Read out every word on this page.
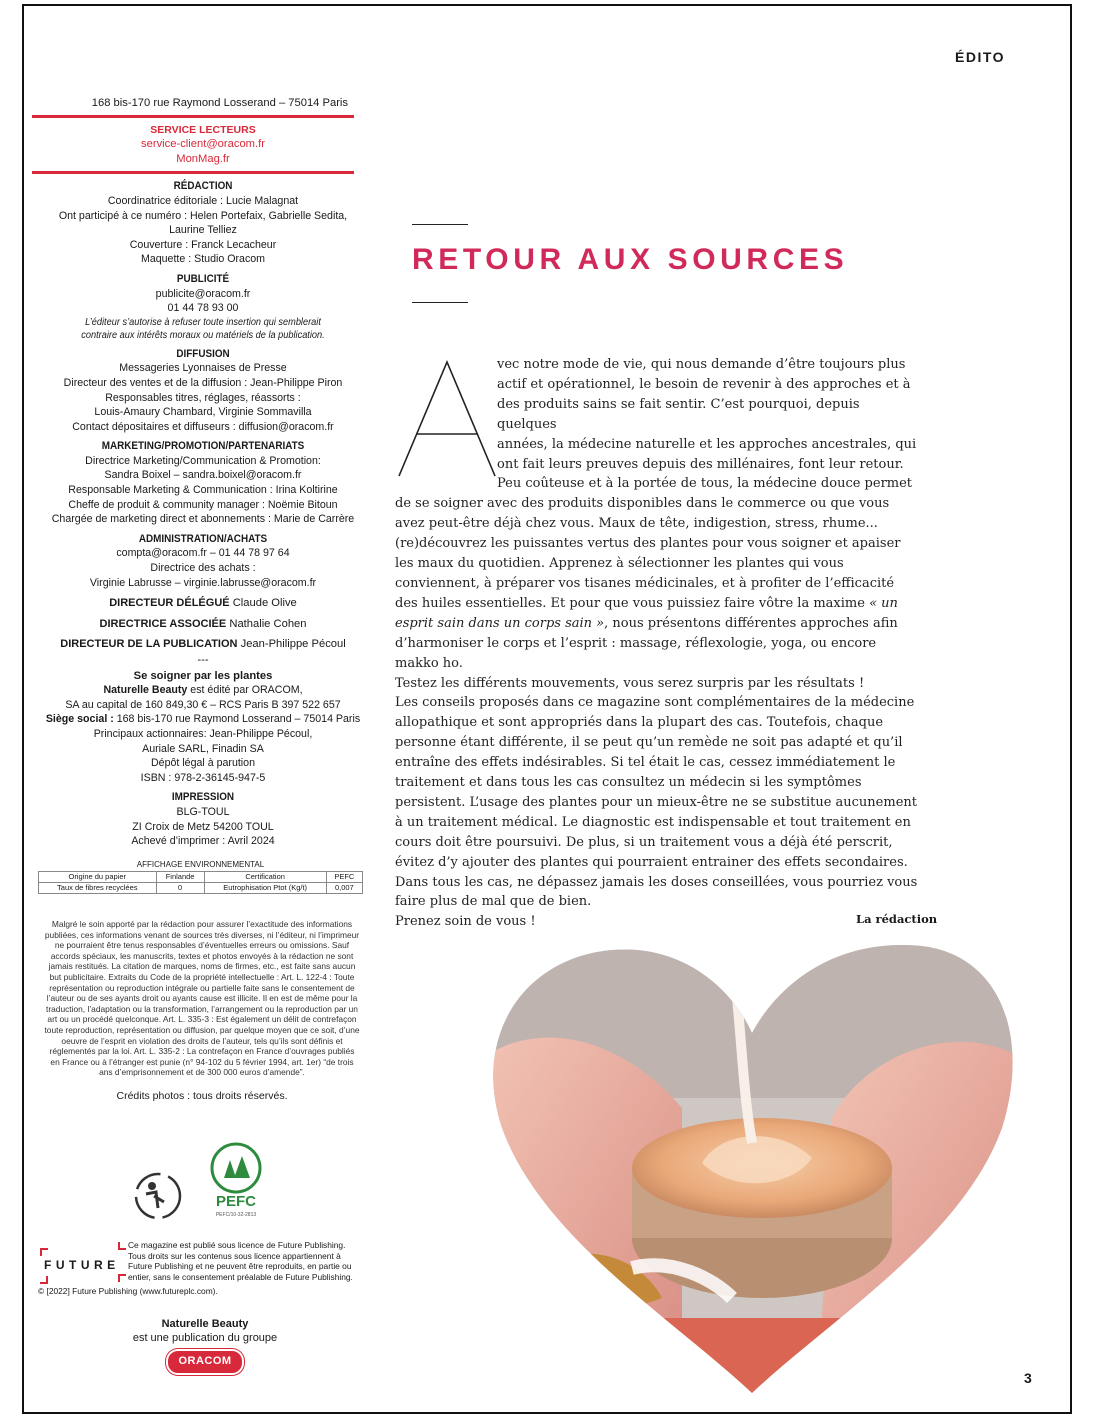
ÉDITO
168 bis-170 rue Raymond Losserand – 75014 Paris
SERVICE LECTEURS
service-client@oracom.fr
MonMag.fr
RÉDACTION
Coordinatrice éditoriale : Lucie Malagnat
Ont participé à ce numéro : Helen Portefaix, Gabrielle Sedita,
Laurine Telliez
Couverture : Franck Lecacheur
Maquette : Studio Oracom
PUBLICITÉ
publicite@oracom.fr
01 44 78 93 00
L’éditeur s’autorise à refuser toute insertion qui semblerait
contraire aux intérêts moraux ou matériels de la publication.
DIFFUSION
Messageries Lyonnaises de Presse
Directeur des ventes et de la diffusion : Jean-Philippe Piron
Responsables titres, réglages, réassorts :
Louis-Amaury Chambard, Virginie Sommavilla
Contact dépositaires et diffuseurs : diffusion@oracom.fr
MARKETING/PROMOTION/PARTENARIATS
Directrice Marketing/Communication & Promotion:
Sandra Boixel – sandra.boixel@oracom.fr
Responsable Marketing & Communication : Irina Koltirine
Cheffe de produit & community manager : Noëmie Bitoun
Chargée de marketing direct et abonnements : Marie de Carrère
ADMINISTRATION/ACHATS
compta@oracom.fr – 01 44 78 97 64
Directrice des achats :
Virginie Labrusse – virginie.labrusse@oracom.fr
DIRECTEUR DÉLÉGUÉ Claude Olive
DIRECTRICE ASSOCIÉE Nathalie Cohen
DIRECTEUR DE LA PUBLICATION Jean-Philippe Pécoul
---
Se soigner par les plantes
Naturelle Beauty est édité par ORACOM,
SA au capital de 160 849,30 € – RCS Paris B 397 522 657
Siège social : 168 bis-170 rue Raymond Losserand – 75014 Paris
Principaux actionnaires: Jean-Philippe Pécoul,
Auriale SARL, Finadin SA
Dépôt légal à parution
ISBN : 978-2-36145-947-5
IMPRESSION
BLG-TOUL
ZI Croix de Metz 54200 TOUL
Achevé d’imprimer : Avril 2024
AFFICHAGE ENVIRONNEMENTAL
Origine du papier	Finlande	Certification	PEFC
Taux de fibres recyclées	0	Eutrophisation Ptot (Kg/t)	0,007
Malgré le soin apporté par la rédaction pour assurer l’exactitude des informations publiées, ces informations venant de sources très diverses, ni l’éditeur, ni l’imprimeur ne pourraient être tenus responsables d’éventuelles erreurs ou omissions. Sauf accords spéciaux, les manuscrits, textes et photos envoyés à la rédaction ne sont jamais restitués. La citation de marques, noms de firmes, etc., est faite sans aucun but publicitaire. Extraits du Code de la propriété intellectuelle : Art. L. 122-4 : Toute représentation ou reproduction intégrale ou partielle faite sans le consentement de l’auteur ou de ses ayants droit ou ayants cause est illicite. Il en est de même pour la traduction, l’adaptation ou la transformation, l’arrangement ou la reproduction par un art ou un procédé quelconque. Art. L. 335-3 : Est également un délit de contrefaçon toute reproduction, représentation ou diffusion, par quelque moyen que ce soit, d’une oeuvre de l’esprit en violation des droits de l’auteur, tels qu’ils sont définis et réglementés par la loi. Art. L. 335-2 : La contrefaçon en France d’ouvrages publiés en France ou à l’étranger est punie (n° 94-102 du 5 février 1994, art. 1er) “de trois ans d’emprisonnement et de 300 000 euros d’amende”.
Crédits photos : tous droits réservés.
PEFC
PEFC/10-32-2813
FUTURE
Ce magazine est publié sous licence de Future Publishing. Tous droits sur les contenus sous licence appartiennent à Future Publishing et ne peuvent être reproduits, en partie ou entier, sans le consentement préalable de Future Publishing.
© [2022] Future Publishing (www.futureplc.com).
Naturelle Beauty
est une publication du groupe
ORACOM
RETOUR AUX SOURCES
A	vec notre mode de vie, qui nous demande d’être toujours plus
actif et opérationnel, le besoin de revenir à des approches et à
des produits sains se fait sentir. C’est pourquoi, depuis quelques
années, la médecine naturelle et les approches ancestrales, qui
ont fait leurs preuves depuis des millénaires, font leur retour.

Peu coûteuse et à la portée de tous, la médecine douce permet de se soigner avec des produits disponibles dans le commerce ou que vous avez peut-être déjà chez vous. Maux de tête, indigestion, stress, rhume... (re)découvrez les puissantes vertus des plantes pour vous soigner et apaiser les maux du quotidien. Apprenez à sélectionner les plantes qui vous conviennent, à préparer vos tisanes médicinales, et à profiter de l’efficacité des huiles essentielles. Et pour que vous puissiez faire vôtre la maxime « un esprit sain dans un corps sain », nous présentons différentes approches afin d’harmoniser le corps et l’esprit : massage, réflexologie, yoga, ou encore makko ho.

Testez les différents mouvements, vous serez surpris par les résultats !

Les conseils proposés dans ce magazine sont complémentaires de la médecine allopathique et sont appropriés dans la plupart des cas. Toutefois, chaque personne étant différente, il se peut qu’un remède ne soit pas adapté et qu’il entraîne des effets indésirables. Si tel était le cas, cessez immédiatement le traitement et dans tous les cas consultez un médecin si les symptômes persistent. L’usage des plantes pour un mieux-être ne se substitue aucunement à un traitement médical. Le diagnostic est indispensable et tout traitement en cours doit être poursuivi. De plus, si un traitement vous a déjà été perscrit, évitez d’y ajouter des plantes qui pourraient entrainer des effets secondaires. Dans tous les cas, ne dépassez jamais les doses conseillées, vous pourriez vous faire plus de mal que de bien.

Prenez soin de vous !	La rédaction
3
